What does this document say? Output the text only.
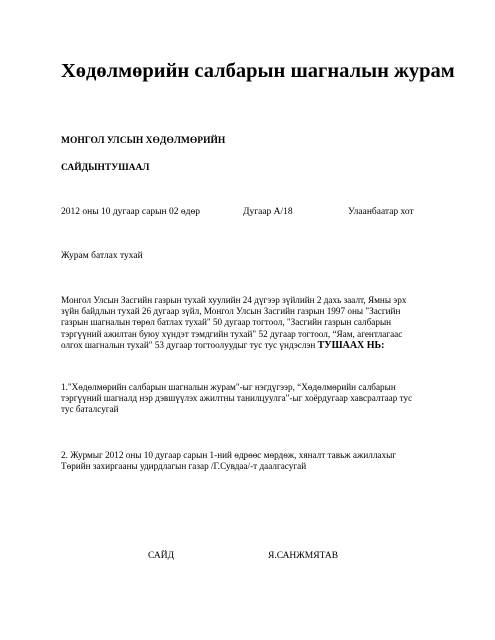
Хөдөлмөрийн салбарын шагналын журам
МОНГОЛ УЛСЫН ХӨДӨЛМӨРИЙН
САЙДЫНТУШААЛ
2012 оны 10 дугаар сарын 02 өдөр	Дугаар А/18	Улаанбаатар хот
Журам батлах тухай
Монгол Улсын Засгийн газрын тухай хуулийн 24 дүгээр зүйлийн 2 дахь заалт, Ямны эрх
зүйн байдлын тухай 26 дугаар зүйл, Монгол Улсын Засгийн газрын 1997 оны "Засгийн
газрын шагналын төрөл батлах тухай" 50 дугаар тогтоол, "Засгийн газрын салбарын
тэргүүний ажилтан буюу хүндэт тэмдгийн тухай" 52 дугаар тогтоол, “Яам, агентлагаас
олгох шагналын тухай" 53 дугаар тогтоолуудыг тус тус үндэслэн ТУШААХ НЬ:
1."Хөдөлмөрийн салбарын шагналын журам"-ыг нэгдүгээр, “Хөдөлмөрийн салбарын
тэргүүний шагналд нэр дэвшүүлэх ажилтны танилцуулга"-ыг хоёрдугаар хавсралтаар тус
тус баталсугай
2. Журмыг 2012 оны 10 дугаар сарын 1-ний өдрөөс мөрдөж, хяналт тавьж ажиллахыг
Төрийн захиргааны удирдлагын газар /Г.Сувдаа/-т даалгасугай
САЙД	Я.САНЖМЯТАВ
